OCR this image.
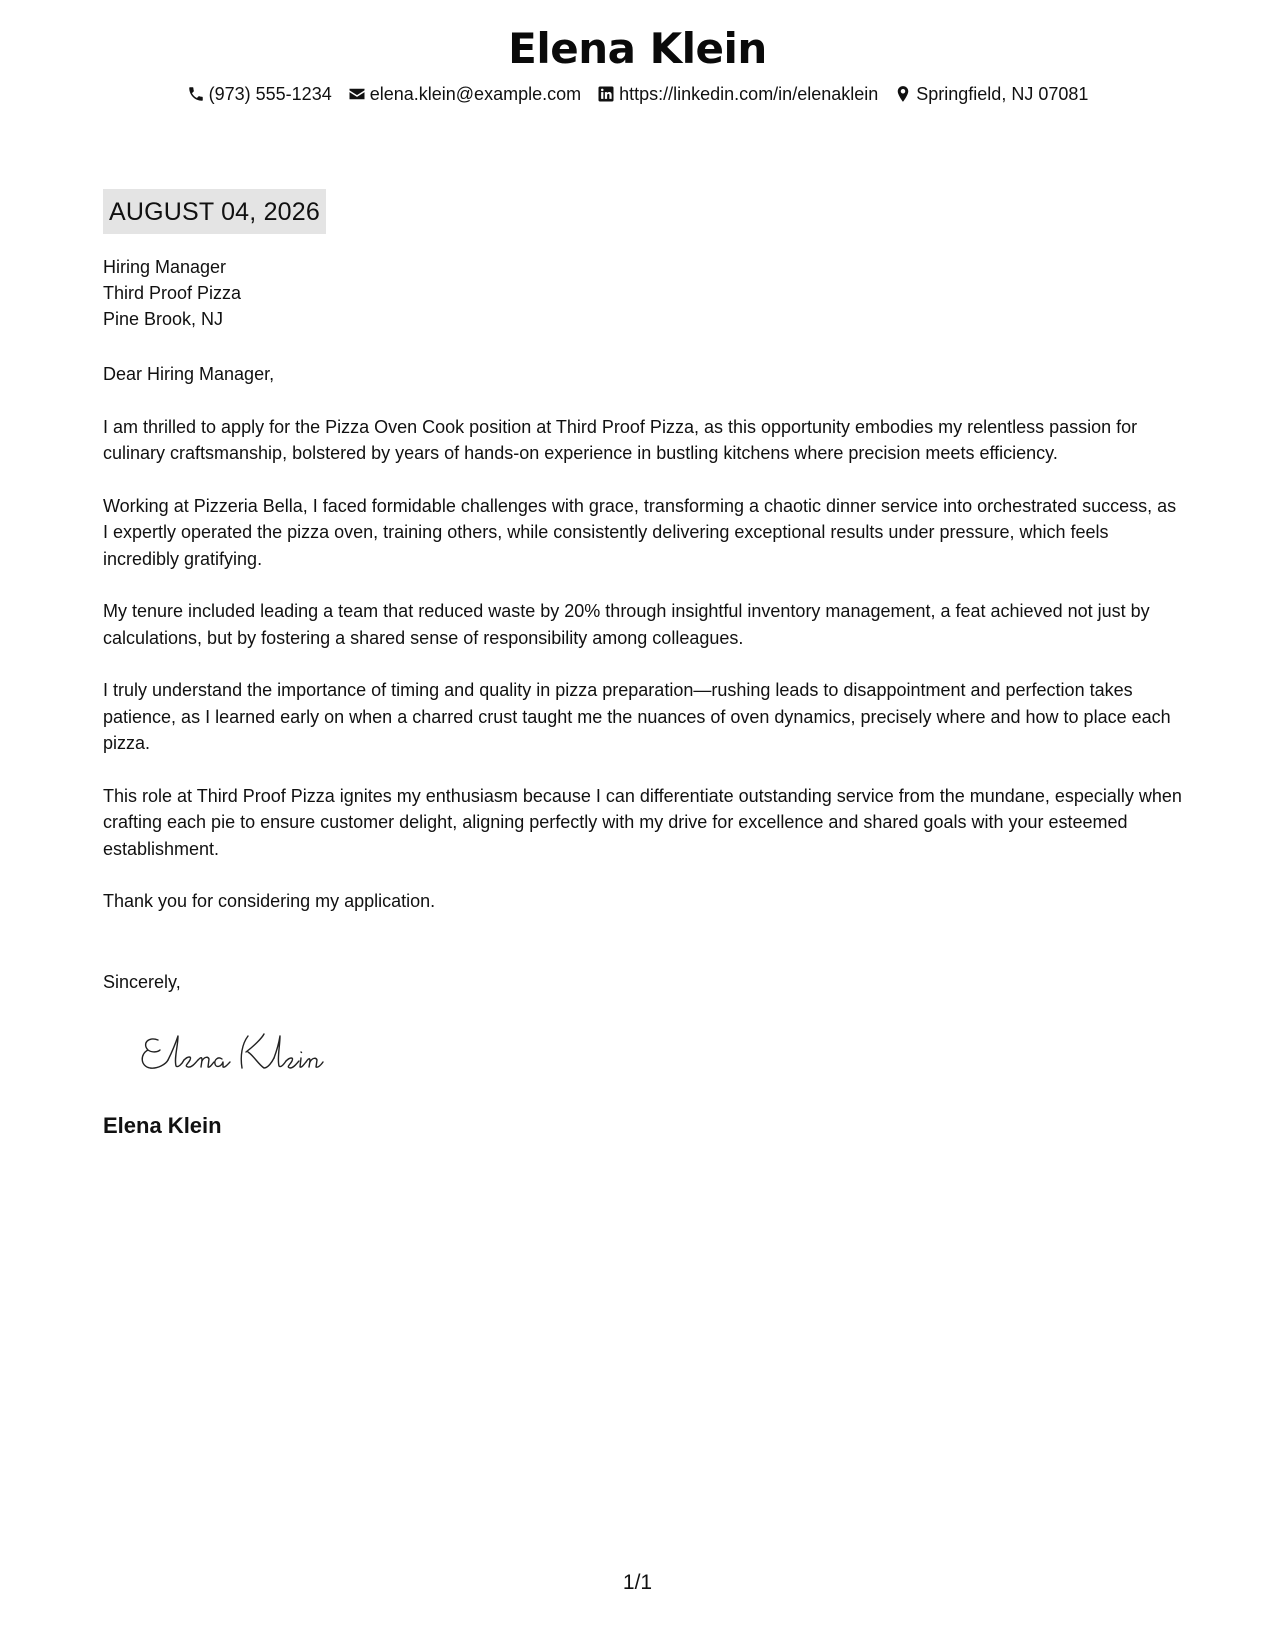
Elena Klein
(973) 555-1234 elena.klein@example.com https://linkedin.com/in/elenaklein Springfield, NJ 07081
AUGUST 04, 2026
Hiring Manager
Third Proof Pizza
Pine Brook, NJ

Dear Hiring Manager,

I am thrilled to apply for the Pizza Oven Cook position at Third Proof Pizza, as this opportunity embodies my relentless passion for culinary craftsmanship, bolstered by years of hands-on experience in bustling kitchens where precision meets efficiency.

Working at Pizzeria Bella, I faced formidable challenges with grace, transforming a chaotic dinner service into orchestrated success, as I expertly operated the pizza oven, training others, while consistently delivering exceptional results under pressure, which feels incredibly gratifying.

My tenure included leading a team that reduced waste by 20% through insightful inventory management, a feat achieved not just by calculations, but by fostering a shared sense of responsibility among colleagues.

I truly understand the importance of timing and quality in pizza preparation—rushing leads to disappointment and perfection takes patience, as I learned early on when a charred crust taught me the nuances of oven dynamics, precisely where and how to place each pizza.

This role at Third Proof Pizza ignites my enthusiasm because I can differentiate outstanding service from the mundane, especially when crafting each pie to ensure customer delight, aligning perfectly with my drive for excellence and shared goals with your esteemed establishment.

Thank you for considering my application.

Sincerely,
Elena Klein
1/1
